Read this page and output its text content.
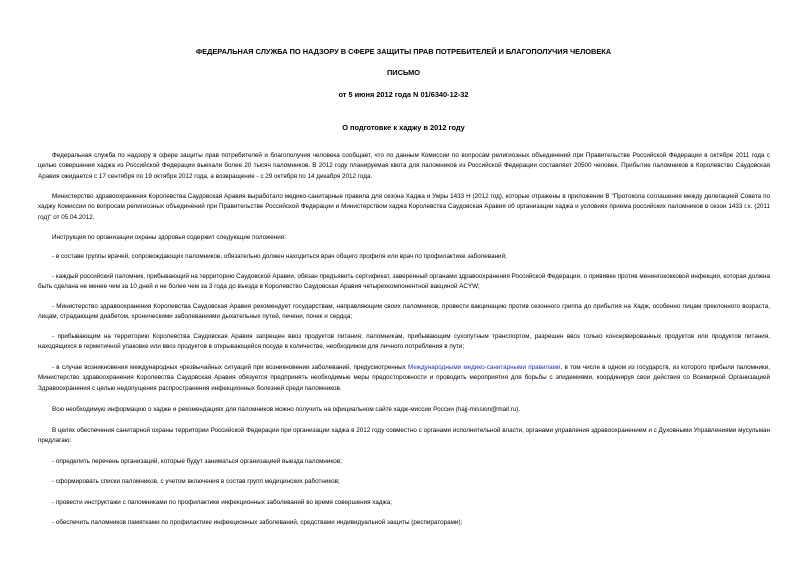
ФЕДЕРАЛЬНАЯ СЛУЖБА ПО НАДЗОРУ В СФЕРЕ ЗАЩИТЫ ПРАВ ПОТРЕБИТЕЛЕЙ И БЛАГОПОЛУЧИЯ ЧЕЛОВЕКА
ПИСЬМО
от 5 июня 2012 года N 01/6340-12-32
О подготовке к хаджу в 2012 году
Федеральная служба по надзору в сфере защиты прав потребителей и благополучия человека сообщает, что по данным Комиссии по вопросам религиозных объединений при Правительстве Российской Федерации в октябре 2011 года с целью совершения хаджа из Российской Федерации выехали более 20 тысяч паломников. В 2012 году планируемая квота для паломников из Российской Федерации составляет 20500 человек. Прибытие паломников в Королевство Саудовская Аравия ожидается с 17 сентября по 19 октября 2012 года, а возвращение - с 29 октября по 14 декабря 2012 года.
Министерство здравоохранения Королевства Саудовская Аравия выработало медико-санитарные правила для сезона Хаджа и Умры 1433 Н (2012 год), которые отражены в приложении В "Протокола соглашения между делегацией Совета по хаджу Комиссии по вопросам религиозных объединений при Правительстве Российской Федерации и Министерством хаджа Королевства Саудовская Аравия об организации хаджа и условиях приема российских паломников в сезон 1433 г.х. (2011 год)" от 05.04.2012.
Инструкция по организации охраны здоровья содержит следующие положения:
- в составе группы врачей, сопровождающих паломников, обязательно должен находиться врач общего профиля или врач по профилактике заболеваний;
- каждый российский паломник, прибывающий на территорию Саудовской Аравии, обязан предъявить сертификат, заверенный органами здравоохранения Российской Федерации, о прививке против менингококковой инфекции, которая должна быть сделана не менее чем за 10 дней и не более чем за 3 года до въезда в Королевство Саудовская Аравия четырехкомпонентной вакциной ACYW;
- Министерство здравоохранения Королевства Саудовская Аравия рекомендует государствам, направляющим своих паломников, провести вакцинацию против сезонного гриппа до прибытия на Хадж, особенно лицам преклонного возраста, лицам, страдающим диабетом, хроническими заболеваниями дыхательных путей, печени, почек и сердца;
- прибывающим на территорию Королевства Саудовская Аравия запрещен ввоз продуктов питания; паломникам, прибывающим сухопутным транспортом, разрешен ввоз только консервированных продуктов или продуктов питания, находящихся в герметичной упаковке или ввоз продуктов в открывающейся посуде в количестве, необходимом для личного потребления в пути;
- в случае возникновения международных чрезвычайных ситуаций при возникновении заболеваний, предусмотренных Международными медико-санитарными правилами, в том числе в одном из государств, из которого прибыли паломники, Министерство здравоохранения Королевства Саудовская Аравия обязуется предпринять необходимые меры предосторожности и проводить мероприятия для борьбы с эпидемиями, координируя свои действия со Всемирной Организацией Здравоохранения с целью недопущения распространения инфекционных болезней среди паломников.
Всю необходимую информацию о хадже и рекомендациях для паломников можно получить на официальном сайте хадж-миссии России (hajj-mission@mail.ru).
В целях обеспечения санитарной охраны территории Российской Федерации при организации хаджа в 2012 году совместно с органами исполнительной власти, органами управления здравоохранением и с Духовными Управлениями мусульман предлагаю:
- определить перечень организаций, которые будут заниматься организацией выезда паломников;
- сформировать списки паломников, с учетом включения в состав групп медицинских работников;
- провести инструктажи с паломниками по профилактике инфекционных заболеваний во время совершения хаджа;
- обеспечить паломников памятками по профилактике инфекционных заболеваний, средствами индивидуальной защиты (респираторами);
